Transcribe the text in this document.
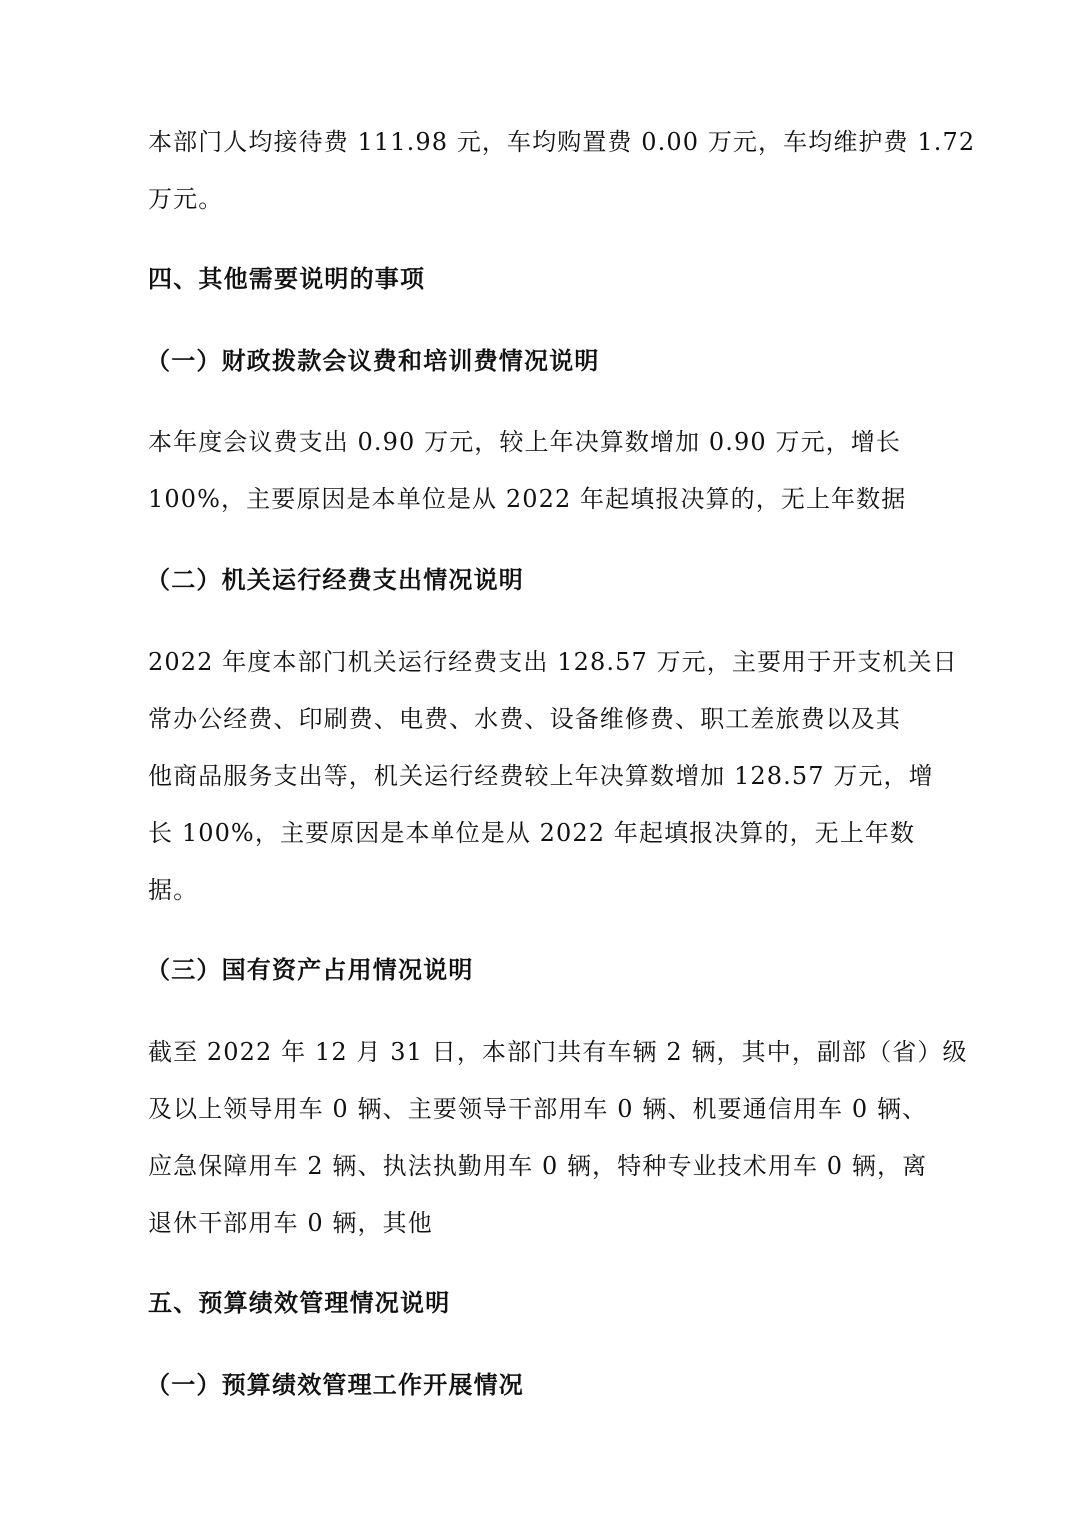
本部门人均接待费 111.98 元，车均购置费 0.00 万元，车均维护费 1.72
万元。
四、其他需要说明的事项
（一）财政拨款会议费和培训费情况说明
本年度会议费支出 0.90 万元，较上年决算数增加 0.90 万元，增长
100%，主要原因是本单位是从 2022 年起填报决算的，无上年数据
（二）机关运行经费支出情况说明
2022 年度本部门机关运行经费支出 128.57 万元，主要用于开支机关日
常办公经费、印刷费、电费、水费、设备维修费、职工差旅费以及其
他商品服务支出等，机关运行经费较上年决算数增加 128.57 万元，增
长 100%，主要原因是本单位是从 2022 年起填报决算的，无上年数
据。
（三）国有资产占用情况说明
截至 2022 年 12 月 31 日，本部门共有车辆 2 辆，其中，副部（省）级
及以上领导用车 0 辆、主要领导干部用车 0 辆、机要通信用车 0 辆、
应急保障用车 2 辆、执法执勤用车 0 辆，特种专业技术用车 0 辆，离
退休干部用车 0 辆，其他
五、预算绩效管理情况说明
（一）预算绩效管理工作开展情况
